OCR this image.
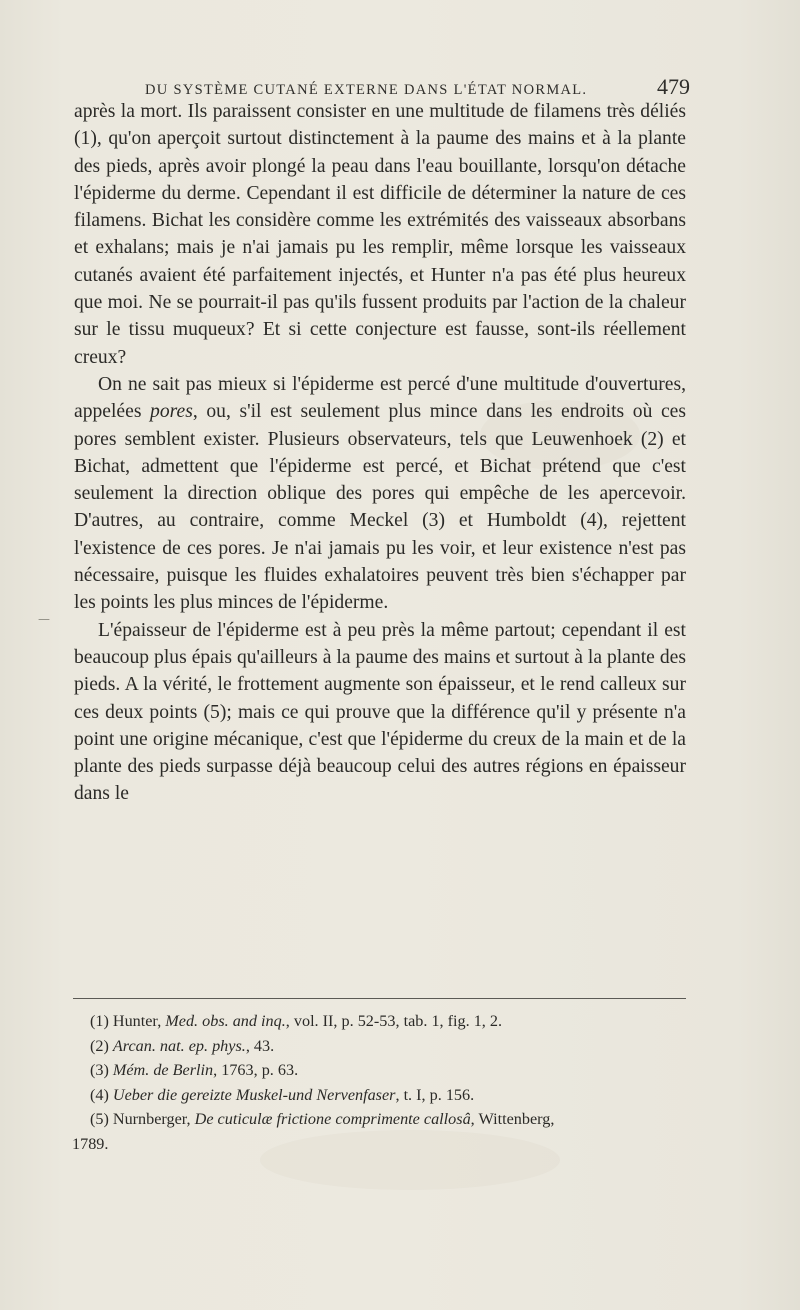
DU SYSTÈME CUTANÉ EXTERNE DANS L'ÉTAT NORMAL.	479

après la mort. Ils paraissent consister en une multitude de filamens très déliés (1), qu'on aperçoit surtout distinctement à la paume des mains et à la plante des pieds, après avoir plongé la peau dans l'eau bouillante, lorsqu'on détache l'épiderme du derme. Cependant il est difficile de déterminer la nature de ces filamens. Bichat les considère comme les extrémités des vaisseaux absorbans et exhalans; mais je n'ai jamais pu les remplir, même lorsque les vaisseaux cutanés avaient été parfaitement injectés, et Hunter n'a pas été plus heureux que moi. Ne se pourrait-il pas qu'ils fussent produits par l'action de la chaleur sur le tissu muqueux? Et si cette conjecture est fausse, sont-ils réellement creux?

On ne sait pas mieux si l'épiderme est percé d'une multitude d'ouvertures, appelées pores, ou, s'il est seulement plus mince dans les endroits où ces pores semblent exister. Plusieurs observateurs, tels que Leuwenhoek (2) et Bichat, admettent que l'épiderme est percé, et Bichat prétend que c'est seulement la direction oblique des pores qui empêche de les apercevoir. D'autres, au contraire, comme Meckel (3) et Humboldt (4), rejettent l'existence de ces pores. Je n'ai jamais pu les voir, et leur existence n'est pas nécessaire, puisque les fluides exhalatoires peuvent très bien s'échapper par les points les plus minces de l'épiderme.

L'épaisseur de l'épiderme est à peu près la même partout; cependant il est beaucoup plus épais qu'ailleurs à la paume des mains et surtout à la plante des pieds. A la vérité, le frottement augmente son épaisseur, et le rend calleux sur ces deux points (5); mais ce qui prouve que la différence qu'il y présente n'a point une origine mécanique, c'est que l'épiderme du creux de la main et de la plante des pieds surpasse déjà beaucoup celui des autres régions en épaisseur dans le

—

(1) Hunter, Med. obs. and inq., vol. II, p. 52-53, tab. 1, fig. 1, 2.

(2) Arcan. nat. ep. phys., 43.

(3) Mém. de Berlin, 1763, p. 63.

(4) Ueber die gereizte Muskel-und Nervenfaser, t. I, p. 156.

(5) Nurnberger, De cuticulæ frictione comprimente callosâ, Wittenberg,

1789.
